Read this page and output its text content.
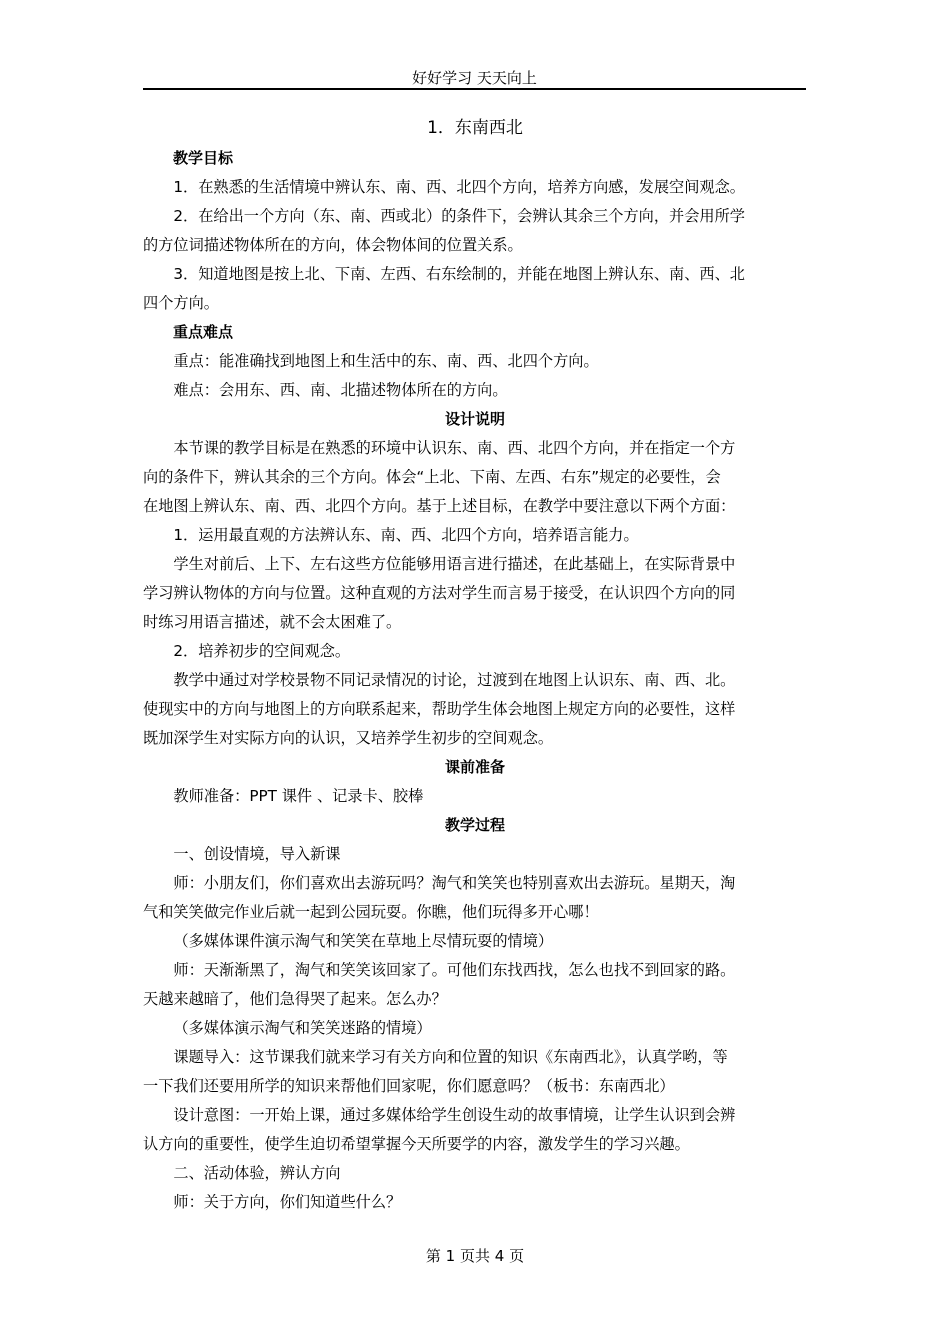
好好学习 天天向上
1．东南西北
教学目标

1．在熟悉的生活情境中辨认东、南、西、北四个方向，培养方向感，发展空间观念。

2．在给出一个方向（东、南、西或北）的条件下，会辨认其余三个方向，并会用所学
的方位词描述物体所在的方向，体会物体间的位置关系。

3．知道地图是按上北、下南、左西、右东绘制的，并能在地图上辨认东、南、西、北
四个方向。

重点难点

重点：能准确找到地图上和生活中的东、南、西、北四个方向。

难点：会用东、西、南、北描述物体所在的方向。

设计说明

本节课的教学目标是在熟悉的环境中认识东、南、西、北四个方向，并在指定一个方
向的条件下，辨认其余的三个方向。体会“上北、下南、左西、右东”规定的必要性，会
在地图上辨认东、南、西、北四个方向。基于上述目标，在教学中要注意以下两个方面：

1．运用最直观的方法辨认东、南、西、北四个方向，培养语言能力。

学生对前后、上下、左右这些方位能够用语言进行描述，在此基础上，在实际背景中
学习辨认物体的方向与位置。这种直观的方法对学生而言易于接受，在认识四个方向的同
时练习用语言描述，就不会太困难了。

2．培养初步的空间观念。

教学中通过对学校景物不同记录情况的讨论，过渡到在地图上认识东、南、西、北。
使现实中的方向与地图上的方向联系起来，帮助学生体会地图上规定方向的必要性，这样
既加深学生对实际方向的认识，又培养学生初步的空间观念。

课前准备

教师准备：PPT 课件 、记录卡、胶棒

教学过程

一、创设情境，导入新课

师：小朋友们，你们喜欢出去游玩吗？淘气和笑笑也特别喜欢出去游玩。星期天，淘
气和笑笑做完作业后就一起到公园玩耍。你瞧，他们玩得多开心哪！

（多媒体课件演示淘气和笑笑在草地上尽情玩耍的情境）

师：天渐渐黑了，淘气和笑笑该回家了。可他们东找西找，怎么也找不到回家的路。
天越来越暗了，他们急得哭了起来。怎么办？

（多媒体演示淘气和笑笑迷路的情境）

课题导入：这节课我们就来学习有关方向和位置的知识《东南西北》，认真学哟，等
一下我们还要用所学的知识来帮他们回家呢，你们愿意吗？（板书：东南西北）

设计意图：一开始上课，通过多媒体给学生创设生动的故事情境，让学生认识到会辨
认方向的重要性，使学生迫切希望掌握今天所要学的内容，激发学生的学习兴趣。

二、活动体验，辨认方向

师：关于方向，你们知道些什么？

第 1 页共 4 页
